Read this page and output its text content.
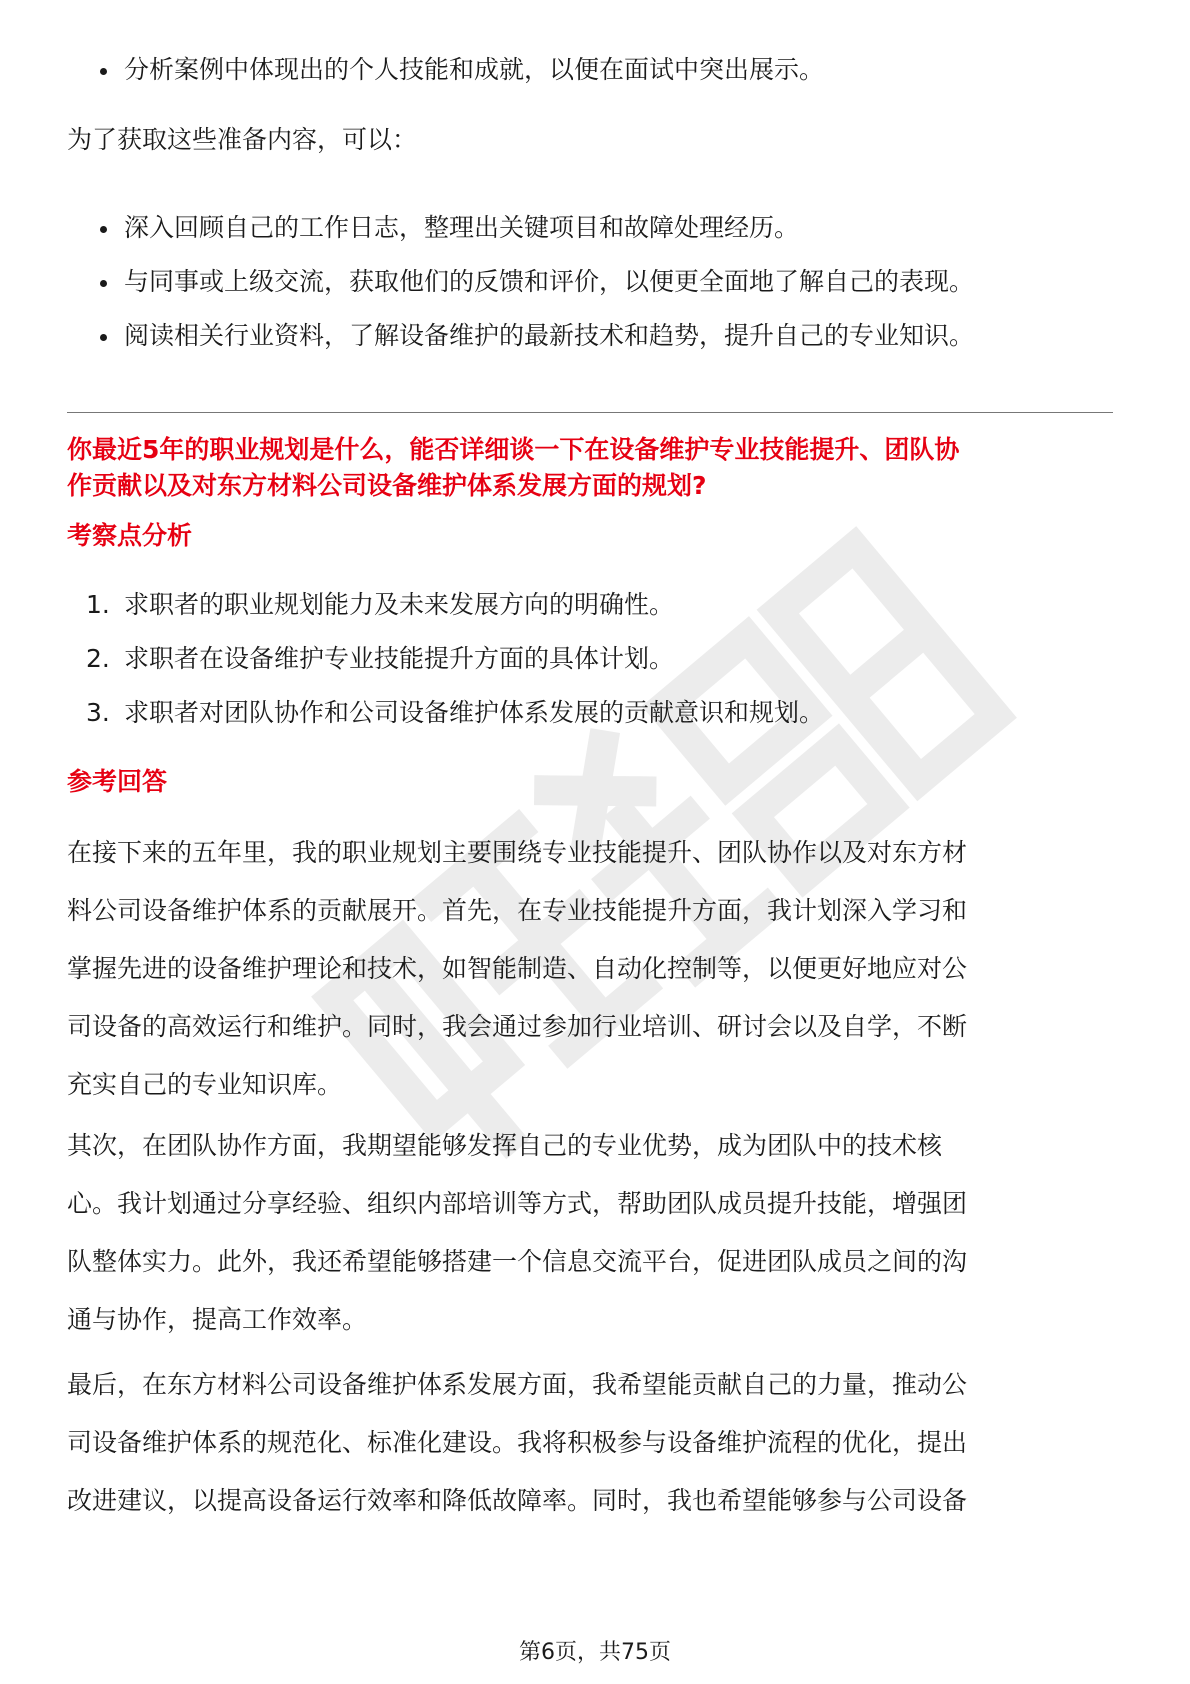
分析案例中体现出的个人技能和成就，以便在面试中突出展示。

为了获取这些准备内容，可以：

深入回顾自己的工作日志，整理出关键项目和故障处理经历。
与同事或上级交流，获取他们的反馈和评价，以便更全面地了解自己的表现。
阅读相关行业资料，了解设备维护的最新技术和趋势，提升自己的专业知识。
你最近5年的职业规划是什么，能否详细谈一下在设备维护专业技能提升、团队协
作贡献以及对东方材料公司设备维护体系发展方面的规划?

考察点分析

1. 求职者的职业规划能力及未来发展方向的明确性。
2. 求职者在设备维护专业技能提升方面的具体计划。
3. 求职者对团队协作和公司设备维护体系发展的贡献意识和规划。

参考回答

在接下来的五年里，我的职业规划主要围绕专业技能提升、团队协作以及对东方材
料公司设备维护体系的贡献展开。首先，在专业技能提升方面，我计划深入学习和
掌握先进的设备维护理论和技术，如智能制造、自动化控制等，以便更好地应对公
司设备的高效运行和维护。同时，我会通过参加行业培训、研讨会以及自学，不断
充实自己的专业知识库。
其次，在团队协作方面，我期望能够发挥自己的专业优势，成为团队中的技术核
心。我计划通过分享经验、组织内部培训等方式，帮助团队成员提升技能，增强团
队整体实力。此外，我还希望能够搭建一个信息交流平台，促进团队成员之间的沟
通与协作，提高工作效率。
最后，在东方材料公司设备维护体系发展方面，我希望能贡献自己的力量，推动公
司设备维护体系的规范化、标准化建设。我将积极参与设备维护流程的优化，提出
改进建议，以提高设备运行效率和降低故障率。同时，我也希望能够参与公司设备
第6页，共75页
